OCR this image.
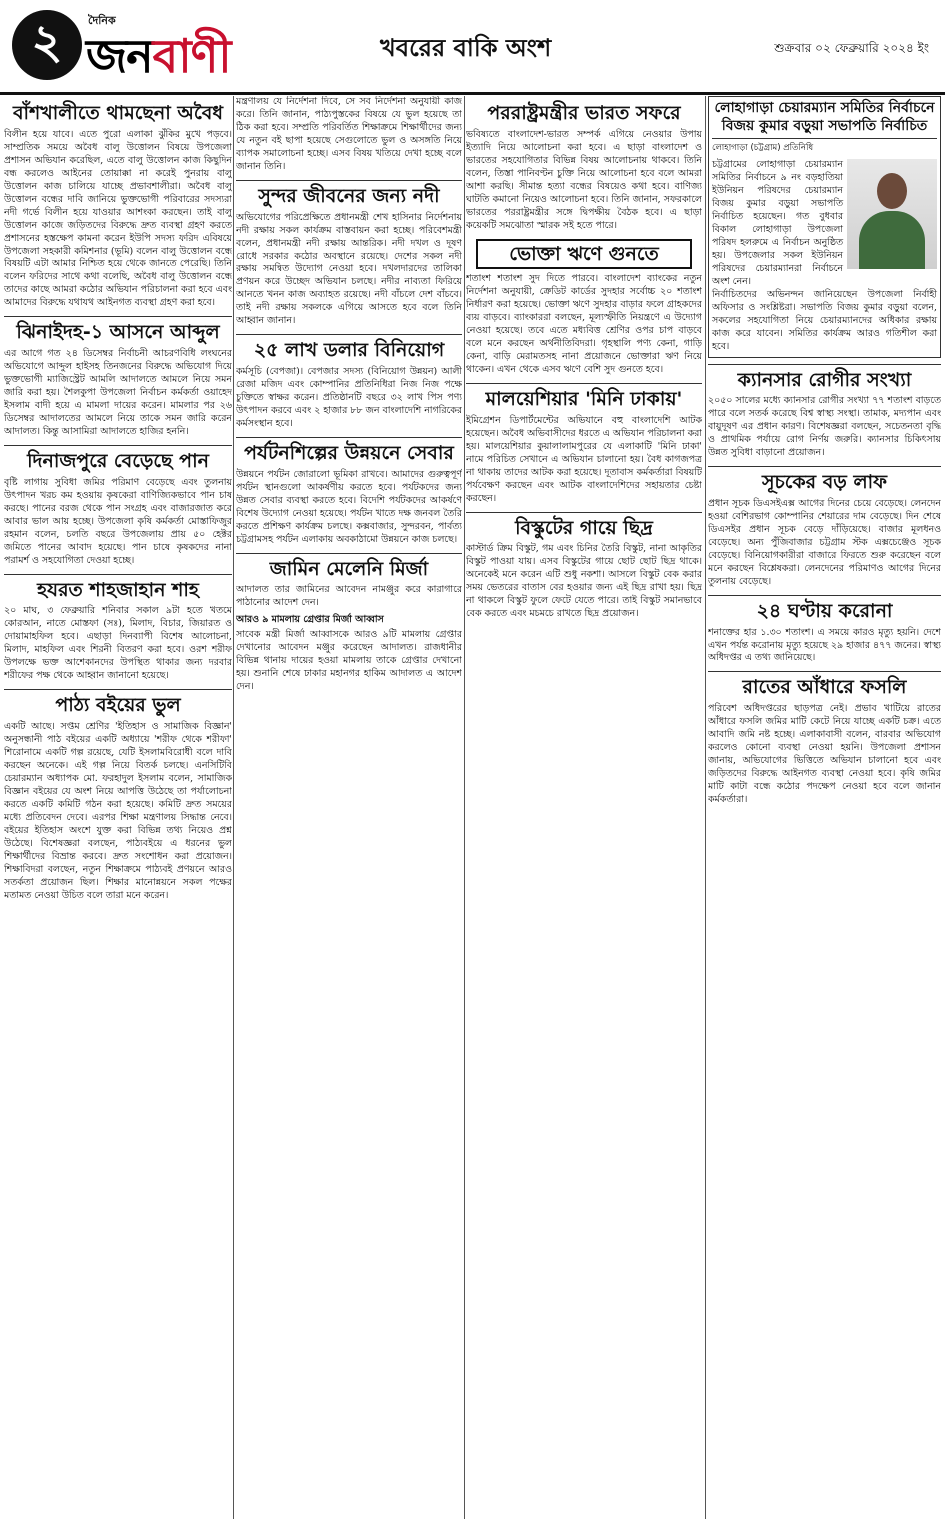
২	দৈনিক
জনবাণী	খবরের বাকি অংশ	শুক্রবার ০২ ফেব্রুয়ারি ২০২৪ ইং
বাঁশখালীতে থামছেনা অবৈধ

বিলীন হয়ে যাবে। এতে পুরো এলাকা ঝুঁকির মুখে পড়বে। সাম্প্রতিক সময়ে অবৈধ বালু উত্তোলন বিষয়ে উপজেলা প্রশাসন অভিযান করেছিল, এতে বালু উত্তোলন কাজ কিছুদিন বন্ধ করলেও আইনের তোয়াক্কা না করেই পুনরায় বালু উত্তোলন কাজ চালিয়ে যাচ্ছে প্রভাবশালীরা। অবৈধ বালু উত্তোলন বন্ধের দাবি জানিয়ে ভুক্তভোগী পরিবারের সদস্যরা নদী গর্ভে বিলীন হয়ে যাওয়ার আশংকা করছেন। তাই বালু উত্তোলন কাজে জড়িতদের বিরুদ্ধে দ্রুত ব্যবস্থা গ্রহণ করতে প্রশাসনের হস্তক্ষেপ কামনা করেন ইউপি সদস্য ফরিদ এবিষয়ে উপজেলা সহকারী কমিশনার (ভূমি) বলেন বালু উত্তোলন বন্ধে বিষয়টি এটা আমার নিশ্চিত হয়ে থেকে জানতে পেরেছি। তিনি বলেন ফরিদের সাথে কথা বলেছি, অবৈধ বালু উত্তোলন বন্ধে তাদের কাছে আমরা কঠোর অভিযান পরিচালনা করা হবে এবং আমাদের বিরুদ্ধে যথাযথ আইনগত ব্যবস্থা গ্রহণ করা হবে।

ঝিনাইদহ-১ আসনে আব্দুল

এর আগে গত ২৪ ডিসেম্বর নির্বাচনী আচরণবিধি লংঘনের অভিযোগে আব্দুল হাইসহ তিনজনের বিরুদ্ধে অভিযোগ দিয়ে ভুক্তভোগী ম্যাজিস্ট্রেট আমলি আদালতে আমলে নিয়ে সমন জারি করা হয়। শৈলকুপা উপজেলা নির্বাচন কর্মকর্তা ওয়াহেদ ইসলাম বাদী হয়ে এ মামলা দায়ের করেন। মামলার পর ২৬ ডিসেম্বর আদালতের আমলে নিয়ে তাকে সমন জারি করেন আদালত। কিন্তু আসামিরা আদালতে হাজির হননি।

দিনাজপুরে বেড়েছে পান

বৃষ্টি লাগায় সুবিধা জমির পরিমাণ বেড়েছে এবং তুলনায় উৎপাদন খরচ কম হওয়ায় কৃষকেরা বাণিজ্যিকভাবে পান চাষ করছে। পানের বরজ থেকে পান সংগ্রহ এবং বাজারজাত করে আবার ভাল আয় হচ্ছে। উপজেলা কৃষি কর্মকর্তা মোস্তাফিজুর রহমান বলেন, চলতি বছরে উপজেলায় প্রায় ৫০ হেক্টর জমিতে পানের আবাদ হয়েছে। পান চাষে কৃষকদের নানা পরামর্শ ও সহযোগিতা দেওয়া হচ্ছে।

হযরত শাহজাহান শাহ

২০ মাঘ, ৩ ফেব্রুয়ারি শনিবার সকাল ৯টা হতে খতমে কোরআন, নাতে মোস্তফা (সঃ), মিলাদ, বিচার, জিয়ারত ও দোয়ামাহফিল হবে। এছাড়া দিনব্যাপী বিশেষ আলোচনা, মিলাদ, মাহফিল এবং শিরনী বিতরণ করা হবে। ওরশ শরীফ উপলক্ষে ভক্ত আশেকানদের উপস্থিত থাকার জন্য দরবার শরীফের পক্ষ থেকে আহ্বান জানানো হয়েছে।

পাঠ্য বইয়ের ভুল

একটি আছে। সপ্তম শ্রেণির 'ইতিহাস ও সামাজিক বিজ্ঞান' অনুসন্ধানী পাঠ বইয়ের একটি অধ্যায়ে 'শরীফ থেকে শরীফা' শিরোনামে একটি গল্প রয়েছে, যেটি ইসলামবিরোধী বলে দাবি করছেন অনেকে। এই গল্প নিয়ে বিতর্ক চলছে। এনসিটিবি চেয়ারম্যান অধ্যাপক মো. ফরহাদুল ইসলাম বলেন, সামাজিক বিজ্ঞান বইয়ের যে অংশ নিয়ে আপত্তি উঠেছে তা পর্যালোচনা করতে একটি কমিটি গঠন করা হয়েছে। কমিটি দ্রুত সময়ের মধ্যে প্রতিবেদন দেবে। এরপর শিক্ষা মন্ত্রণালয় সিদ্ধান্ত নেবে। বইয়ের ইতিহাস অংশে যুক্ত করা বিভিন্ন তথ্য নিয়েও প্রশ্ন উঠেছে। বিশেষজ্ঞরা বলছেন, পাঠ্যবইয়ে এ ধরনের ভুল শিক্ষার্থীদের বিভ্রান্ত করবে। দ্রুত সংশোধন করা প্রয়োজন। শিক্ষাবিদরা বলছেন, নতুন শিক্ষাক্রমে পাঠ্যবই প্রণয়নে আরও সতর্কতা প্রয়োজন ছিল। শিক্ষার মানোন্নয়নে সকল পক্ষের মতামত নেওয়া উচিত বলে তারা মনে করেন।

মন্ত্রণালয় যে নির্দেশনা দিবে, সে সব নির্দেশনা অনুযায়ী কাজ করে। তিনি জানান, পাঠ্যপুস্তকের বিষয়ে যে ভুল হয়েছে তা ঠিক করা হবে। সম্প্রতি পরিবর্তিত শিক্ষাক্রমে শিক্ষার্থীদের জন্য যে নতুন বই ছাপা হয়েছে সেগুলোতে ভুল ও অসঙ্গতি নিয়ে ব্যাপক সমালোচনা হচ্ছে। এসব বিষয় খতিয়ে দেখা হচ্ছে বলে জানান তিনি।

সুন্দর জীবনের জন্য নদী

অভিযোগের পরিপ্রেক্ষিতে প্রধানমন্ত্রী শেখ হাসিনার নির্দেশনায় নদী রক্ষায় সকল কার্যক্রম বাস্তবায়ন করা হচ্ছে। পরিবেশমন্ত্রী বলেন, প্রধানমন্ত্রী নদী রক্ষায় আন্তরিক। নদী দখল ও দূষণ রোধে সরকার কঠোর অবস্থানে রয়েছে। দেশের সকল নদী রক্ষায় সমন্বিত উদ্যোগ নেওয়া হবে। দখলদারদের তালিকা প্রণয়ন করে উচ্ছেদ অভিযান চলছে। নদীর নাব্যতা ফিরিয়ে আনতে খনন কাজ অব্যাহত রয়েছে। নদী বাঁচলে দেশ বাঁচবে। তাই নদী রক্ষায় সকলকে এগিয়ে আসতে হবে বলে তিনি আহ্বান জানান।

২৫ লাখ ডলার বিনিয়োগ

কর্মসূচি (বেপজা)। বেপজার সদস্য (বিনিয়োগ উন্নয়ন) আলী রেজা মজিদ এবং কোম্পানির প্রতিনিধিরা নিজ নিজ পক্ষে চুক্তিতে স্বাক্ষর করেন। প্রতিষ্ঠানটি বছরে ৩২ লাখ পিস পণ্য উৎপাদন করবে এবং ২ হাজার ৮৮ জন বাংলাদেশি নাগরিকের কর্মসংস্থান হবে।

পর্যটনশিল্পের উন্নয়নে সেবার

উন্নয়নে পর্যটন জোরালো ভূমিকা রাখবে। আমাদের গুরুত্বপূর্ণ পর্যটন স্থানগুলো আকর্ষণীয় করতে হবে। পর্যটকদের জন্য উন্নত সেবার ব্যবস্থা করতে হবে। বিদেশি পর্যটকদের আকর্ষণে বিশেষ উদ্যোগ নেওয়া হয়েছে। পর্যটন খাতে দক্ষ জনবল তৈরি করতে প্রশিক্ষণ কার্যক্রম চলছে। কক্সবাজার, সুন্দরবন, পার্বত্য চট্টগ্রামসহ পর্যটন এলাকায় অবকাঠামো উন্নয়নে কাজ চলছে।

জামিন মেলেনি মির্জা

আদালত তার জামিনের আবেদন নামঞ্জুর করে কারাগারে পাঠানোর আদেশ দেন।

আরও ৯ মামলায় গ্রেপ্তার মির্জা আব্বাস

সাবেক মন্ত্রী মির্জা আব্বাসকে আরও ৯টি মামলায় গ্রেপ্তার দেখানোর আবেদন মঞ্জুর করেছেন আদালত। রাজধানীর বিভিন্ন থানায় দায়ের হওয়া মামলায় তাকে গ্রেপ্তার দেখানো হয়। শুনানি শেষে ঢাকার মহানগর হাকিম আদালত এ আদেশ দেন।

পররাষ্ট্রমন্ত্রীর ভারত সফরে

ভবিষ্যতে বাংলাদেশ-ভারত সম্পর্ক এগিয়ে নেওয়ার উপায় ইত্যাদি নিয়ে আলোচনা করা হবে। এ ছাড়া বাংলাদেশ ও ভারতের সহযোগিতার বিভিন্ন বিষয় আলোচনায় থাকবে। তিনি বলেন, তিস্তা পানিবণ্টন চুক্তি নিয়ে আলোচনা হবে বলে আমরা আশা করছি। সীমান্ত হত্যা বন্ধের বিষয়েও কথা হবে। বাণিজ্য ঘাটতি কমানো নিয়েও আলোচনা হবে। তিনি জানান, সফরকালে ভারতের পররাষ্ট্রমন্ত্রীর সঙ্গে দ্বিপক্ষীয় বৈঠক হবে। এ ছাড়া কয়েকটি সমঝোতা স্মারক সই হতে পারে।

ভোক্তা ঋণে গুনতে

শতাংশ শতাংশ সুদ দিতে পারবে। বাংলাদেশ ব্যাংকের নতুন নির্দেশনা অনুযায়ী, ক্রেডিট কার্ডের সুদহার সর্বোচ্চ ২০ শতাংশ নির্ধারণ করা হয়েছে। ভোক্তা ঋণে সুদহার বাড়ার ফলে গ্রাহকদের ব্যয় বাড়বে। ব্যাংকাররা বলছেন, মূল্যস্ফীতি নিয়ন্ত্রণে এ উদ্যোগ নেওয়া হয়েছে। তবে এতে মধ্যবিত্ত শ্রেণির ওপর চাপ বাড়বে বলে মনে করছেন অর্থনীতিবিদরা। গৃহস্থালি পণ্য কেনা, গাড়ি কেনা, বাড়ি মেরামতসহ নানা প্রয়োজনে ভোক্তারা ঋণ নিয়ে থাকেন। এখন থেকে এসব ঋণে বেশি সুদ গুনতে হবে।

মালয়েশিয়ার 'মিনি ঢাকায়'

ইমিগ্রেশন ডিপার্টমেন্টের অভিযানে বহু বাংলাদেশি আটক হয়েছেন। অবৈধ অভিবাসীদের ধরতে এ অভিযান পরিচালনা করা হয়। মালয়েশিয়ার কুয়ালালামপুরের যে এলাকাটি 'মিনি ঢাকা' নামে পরিচিত সেখানে এ অভিযান চালানো হয়। বৈধ কাগজপত্র না থাকায় তাদের আটক করা হয়েছে। দূতাবাস কর্মকর্তারা বিষয়টি পর্যবেক্ষণ করছেন এবং আটক বাংলাদেশিদের সহায়তার চেষ্টা করছেন।

বিস্কুটের গায়ে ছিদ্র

কাস্টার্ড ক্রিম বিস্কুট, গম এবং চিনির তৈরি বিস্কুট, নানা আকৃতির বিস্কুট পাওয়া যায়। এসব বিস্কুটের গায়ে ছোট ছোট ছিদ্র থাকে। অনেকেই মনে করেন এটি শুধু নকশা। আসলে বিস্কুট বেক করার সময় ভেতরের বাতাস বের হওয়ার জন্য এই ছিদ্র রাখা হয়। ছিদ্র না থাকলে বিস্কুট ফুলে ফেটে যেতে পারে। তাই বিস্কুট সমানভাবে বেক করতে এবং মচমচে রাখতে ছিদ্র প্রয়োজন।

লোহাগাড়া চেয়ারম্যান সমিতির নির্বাচনে বিজয় কুমার বড়ুয়া সভাপতি নির্বাচিত
লোহাগাড়া (চট্টগ্রাম) প্রতিনিধি

চট্টগ্রামের লোহাগাড়া চেয়ারম্যান সমিতির নির্বাচনে ৯ নং বড়হাতিয়া ইউনিয়ন পরিষদের চেয়ারম্যান বিজয় কুমার বড়ুয়া সভাপতি নির্বাচিত হয়েছেন। গত বুধবার বিকাল লোহাগাড়া উপজেলা পরিষদ হলরুমে এ নির্বাচন অনুষ্ঠিত হয়। উপজেলার সকল ইউনিয়ন পরিষদের চেয়ারম্যানরা নির্বাচনে অংশ নেন।

নির্বাচিতদের অভিনন্দন জানিয়েছেন উপজেলা নির্বাহী অফিসার ও সংশ্লিষ্টরা। সভাপতি বিজয় কুমার বড়ুয়া বলেন, সকলের সহযোগিতা নিয়ে চেয়ারম্যানদের অধিকার রক্ষায় কাজ করে যাবেন। সমিতির কার্যক্রম আরও গতিশীল করা হবে।

ক্যানসার রোগীর সংখ্যা

২০৫০ সালের মধ্যে ক্যানসার রোগীর সংখ্যা ৭৭ শতাংশ বাড়তে পারে বলে সতর্ক করেছে বিশ্ব স্বাস্থ্য সংস্থা। তামাক, মদ্যপান এবং বায়ুদূষণ এর প্রধান কারণ। বিশেষজ্ঞরা বলছেন, সচেতনতা বৃদ্ধি ও প্রাথমিক পর্যায়ে রোগ নির্ণয় জরুরি। ক্যানসার চিকিৎসায় উন্নত সুবিধা বাড়ানো প্রয়োজন।

সূচকের বড় লাফ

প্রধান সূচক ডিএসইএক্স আগের দিনের চেয়ে বেড়েছে। লেনদেন হওয়া বেশিরভাগ কোম্পানির শেয়ারের দাম বেড়েছে। দিন শেষে ডিএসইর প্রধান সূচক বেড়ে দাঁড়িয়েছে। বাজার মূলধনও বেড়েছে। অন্য পুঁজিবাজার চট্টগ্রাম স্টক এক্সচেঞ্জেও সূচক বেড়েছে। বিনিয়োগকারীরা বাজারে ফিরতে শুরু করেছেন বলে মনে করছেন বিশ্লেষকরা। লেনদেনের পরিমাণও আগের দিনের তুলনায় বেড়েছে।

২৪ ঘণ্টায় করোনা

শনাক্তের হার ১.৩০ শতাংশ। এ সময়ে কারও মৃত্যু হয়নি। দেশে এখন পর্যন্ত করোনায় মৃত্যু হয়েছে ২৯ হাজার ৪৭৭ জনের। স্বাস্থ্য অধিদপ্তর এ তথ্য জানিয়েছে।

রাতের আঁধারে ফসলি

পরিবেশ অধিদপ্তরের ছাড়পত্র নেই। প্রভাব খাটিয়ে রাতের আঁধারে ফসলি জমির মাটি কেটে নিয়ে যাচ্ছে একটি চক্র। এতে আবাদি জমি নষ্ট হচ্ছে। এলাকাবাসী বলেন, বারবার অভিযোগ করলেও কোনো ব্যবস্থা নেওয়া হয়নি। উপজেলা প্রশাসন জানায়, অভিযোগের ভিত্তিতে অভিযান চালানো হবে এবং জড়িতদের বিরুদ্ধে আইনগত ব্যবস্থা নেওয়া হবে। কৃষি জমির মাটি কাটা বন্ধে কঠোর পদক্ষেপ নেওয়া হবে বলে জানান কর্মকর্তারা।
